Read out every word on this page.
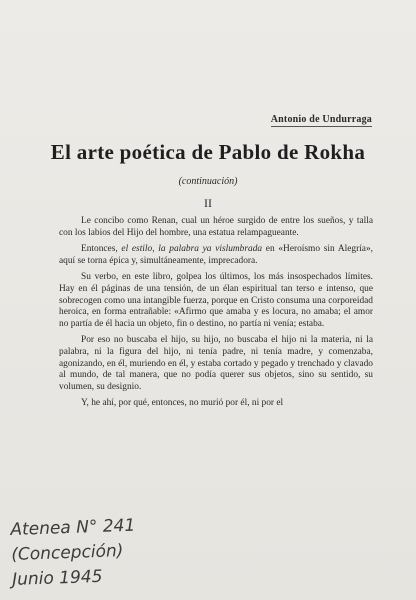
Antonio de Undurraga
El arte poética de Pablo de Rokha
(continuación)
II

Le concibo como Renan, cual un héroe surgido de entre los sueños, y talla con los labios del Hijo del hombre, una estatua relampagueante.

Entonces, el estilo, la palabra ya vislumbrada en «Heroísmo sin Alegría», aquí se torna épica y, simultáneamente, imprecadora.

Su verbo, en este libro, golpea los últimos, los más insospechados límites. Hay en él páginas de una tensión, de un élan espiritual tan terso e intenso, que sobrecogen como una intangible fuerza, porque en Cristo consuma una corporeidad heroica, en forma entrañable: «Afirmo que amaba y es locura, no amaba; el amor no partía de él hacia un objeto, fin o destino, no partía ni venía; estaba.

Por eso no buscaba el hijo, su hijo, no buscaba el hijo ni la materia, ni la palabra, ni la figura del hijo, ni tenía padre, ni tenía madre, y comenzaba, agonizando, en él, muriendo en él, y estaba cortado y pegado y trenchado y clavado al mundo, de tal manera, que no podía querer sus objetos, sino su sentido, su volumen, su designio.

Y, he ahí, por qué, entonces, no murió por él, ni por el

Atenea N° 241
(Concepción)
Junio 1945
